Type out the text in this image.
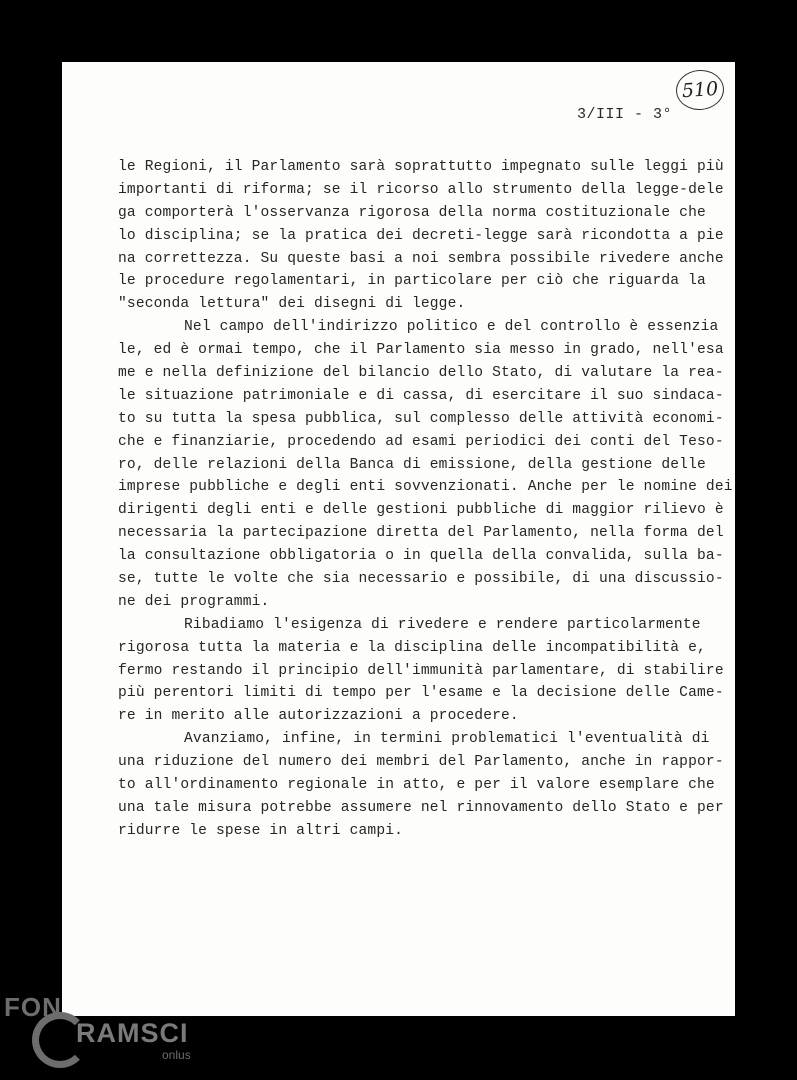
510
3/III - 3°
le Regioni, il Parlamento sarà soprattutto impegnato sulle leggi più
importanti di riforma; se il ricorso allo strumento della legge-dele
ga comporterà l'osservanza rigorosa della norma costituzionale che
lo disciplina; se la pratica dei decreti-legge sarà ricondotta a pie
na correttezza. Su queste basi a noi sembra possibile rivedere anche
le procedure regolamentari, in particolare per ciò che riguarda la
"seconda lettura" dei disegni di legge.
Nel campo dell'indirizzo politico e del controllo è essenzia
le, ed è ormai tempo, che il Parlamento sia messo in grado, nell'esa
me e nella definizione del bilancio dello Stato, di valutare la rea-
le situazione patrimoniale e di cassa, di esercitare il suo sindaca-
to su tutta la spesa pubblica, sul complesso delle attività economi-
che e finanziarie, procedendo ad esami periodici dei conti del Teso-
ro, delle relazioni della Banca di emissione, della gestione delle
imprese pubbliche e degli enti sovvenzionati. Anche per le nomine dei
dirigenti degli enti e delle gestioni pubbliche di maggior rilievo è
necessaria la partecipazione diretta del Parlamento, nella forma del
la consultazione obbligatoria o in quella della convalida, sulla ba-
se, tutte le volte che sia necessario e possibile, di una discussio-
ne dei programmi.
Ribadiamo l'esigenza di rivedere e rendere particolarmente
rigorosa tutta la materia e la disciplina delle incompatibilità e,
fermo restando il principio dell'immunità parlamentare, di stabilire
più perentori limiti di tempo per l'esame e la decisione delle Came-
re in merito alle autorizzazioni a procedere.
Avanziamo, infine, in termini problematici l'eventualità di
una riduzione del numero dei membri del Parlamento, anche in rappor-
to all'ordinamento regionale in atto, e per il valore esemplare che
una tale misura potrebbe assumere nel rinnovamento dello Stato e per
ridurre le spese in altri campi.
FON
RAMSCI
onlus
